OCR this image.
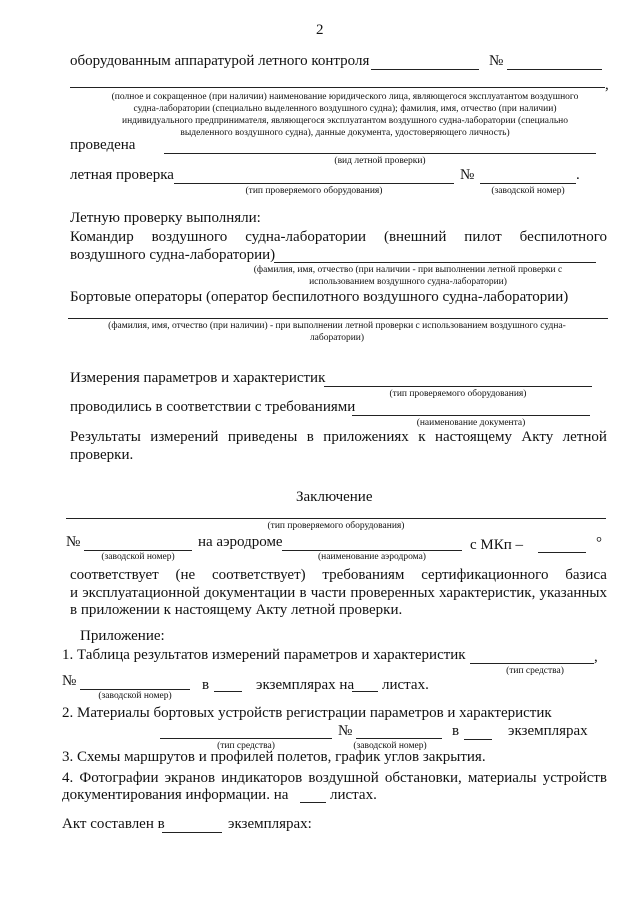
2
оборудованным аппаратурой летного контроля	№
,
(полное и сокращенное (при наличии) наименование юридического лица, являющегося эксплуатантом воздушного
судна-лаборатории (специально выделенного воздушного судна); фамилия, имя, отчество (при наличии)
индивидуального предпринимателя, являющегося эксплуатантом воздушного судна-лаборатории (специально
выделенного воздушного судна), данные документа, удостоверяющего личность)
проведена
(вид летной проверки)
летная проверка	№	.
(тип проверяемого оборудования)	(заводской номер)
Летную проверку выполняли:
Командир воздушного судна-лаборатории (внешний пилот беспилотного
воздушного судна-лаборатории)
(фамилия, имя, отчество (при наличии - при выполнении летной проверки с
использованием воздушного судна-лаборатории)
Бортовые операторы (оператор беспилотного воздушного судна-лаборатории)
(фамилия, имя, отчество (при наличии) - при выполнении летной проверки с использованием воздушного судна-
лаборатории)
Измерения параметров и характеристик
(тип проверяемого оборудования)
проводились в соответствии с требованиями
(наименование документа)
Результаты измерений приведены в приложениях к настоящему Акту летной
проверки.
Заключение
(тип проверяемого оборудования)
№	на аэродроме	с МКп –	°
(заводской номер)	(наименование аэродрома)
соответствует (не соответствует) требованиям сертификационного базиса
и эксплуатационной документации в части проверенных характеристик, указанных
в приложении к настоящему Акту летной проверки.
Приложение:
1. Таблица результатов измерений параметров и характеристик	,
(тип средства)
№	в	экземплярах на листах.
(заводской номер)
2. Материалы бортовых устройств регистрации параметров и характеристик
№	в	экземплярах
(тип средства)	(заводской номер)
3. Схемы маршрутов и профилей полетов, график углов закрытия.
4. Фотографии экранов индикаторов воздушной обстановки, материалы устройств
документирования информации. на	листах.
Акт составлен в	экземплярах:
